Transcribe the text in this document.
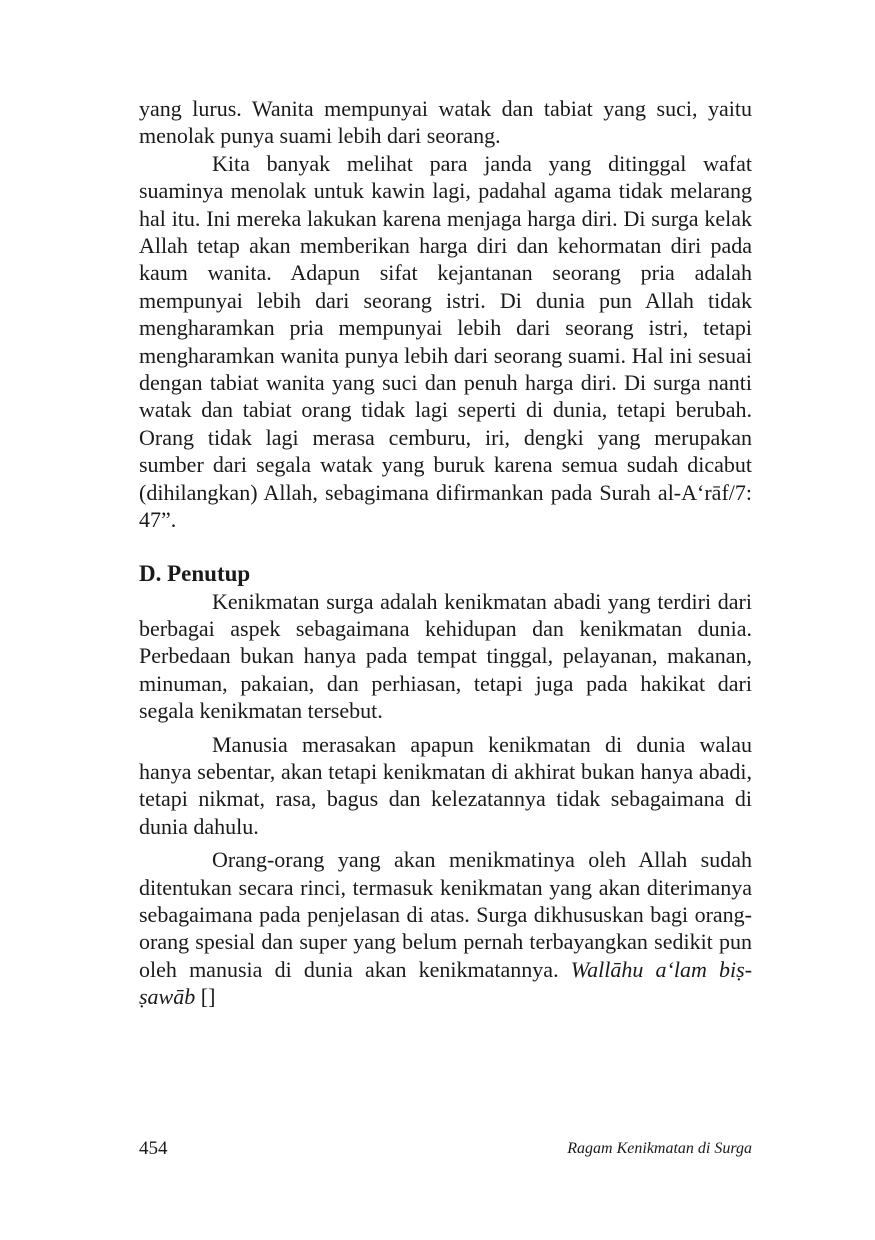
yang lurus. Wanita mempunyai watak dan tabiat yang suci, yaitu menolak punya suami lebih dari seorang.

Kita banyak melihat para janda yang ditinggal wafat suaminya menolak untuk kawin lagi, padahal agama tidak melarang hal itu. Ini mereka lakukan karena menjaga harga diri. Di surga kelak Allah tetap akan memberikan harga diri dan kehormatan diri pada kaum wanita. Adapun sifat kejantanan seorang pria adalah mempunyai lebih dari seorang istri. Di dunia pun Allah tidak mengharamkan pria mempunyai lebih dari seorang istri, tetapi mengharamkan wanita punya lebih dari seorang suami. Hal ini sesuai dengan tabiat wanita yang suci dan penuh harga diri. Di surga nanti watak dan tabiat orang tidak lagi seperti di dunia, tetapi berubah. Orang tidak lagi merasa cemburu, iri, dengki yang merupakan sumber dari segala watak yang buruk karena semua sudah dicabut (dihilangkan) Allah, sebagimana difirmankan pada Surah al-A‘rāf/7: 47”.

D. Penutup

Kenikmatan surga adalah kenikmatan abadi yang terdiri dari berbagai aspek sebagaimana kehidupan dan kenikmatan dunia. Perbedaan bukan hanya pada tempat tinggal, pelayanan, makanan, minuman, pakaian, dan perhiasan, tetapi juga pada hakikat dari segala kenikmatan tersebut.

Manusia merasakan apapun kenikmatan di dunia walau hanya sebentar, akan tetapi kenikmatan di akhirat bukan hanya abadi, tetapi nikmat, rasa, bagus dan kelezatannya tidak sebagaimana di dunia dahulu.

Orang-orang yang akan menikmatinya oleh Allah sudah ditentukan secara rinci, termasuk kenikmatan yang akan diterimanya sebagaimana pada penjelasan di atas. Surga dikhususkan bagi orang-orang spesial dan super yang belum pernah terbayangkan sedikit pun oleh manusia di dunia akan kenikmatannya. Wallāhu a‘lam biṣ-ṣawāb []

454	Ragam Kenikmatan di Surga
